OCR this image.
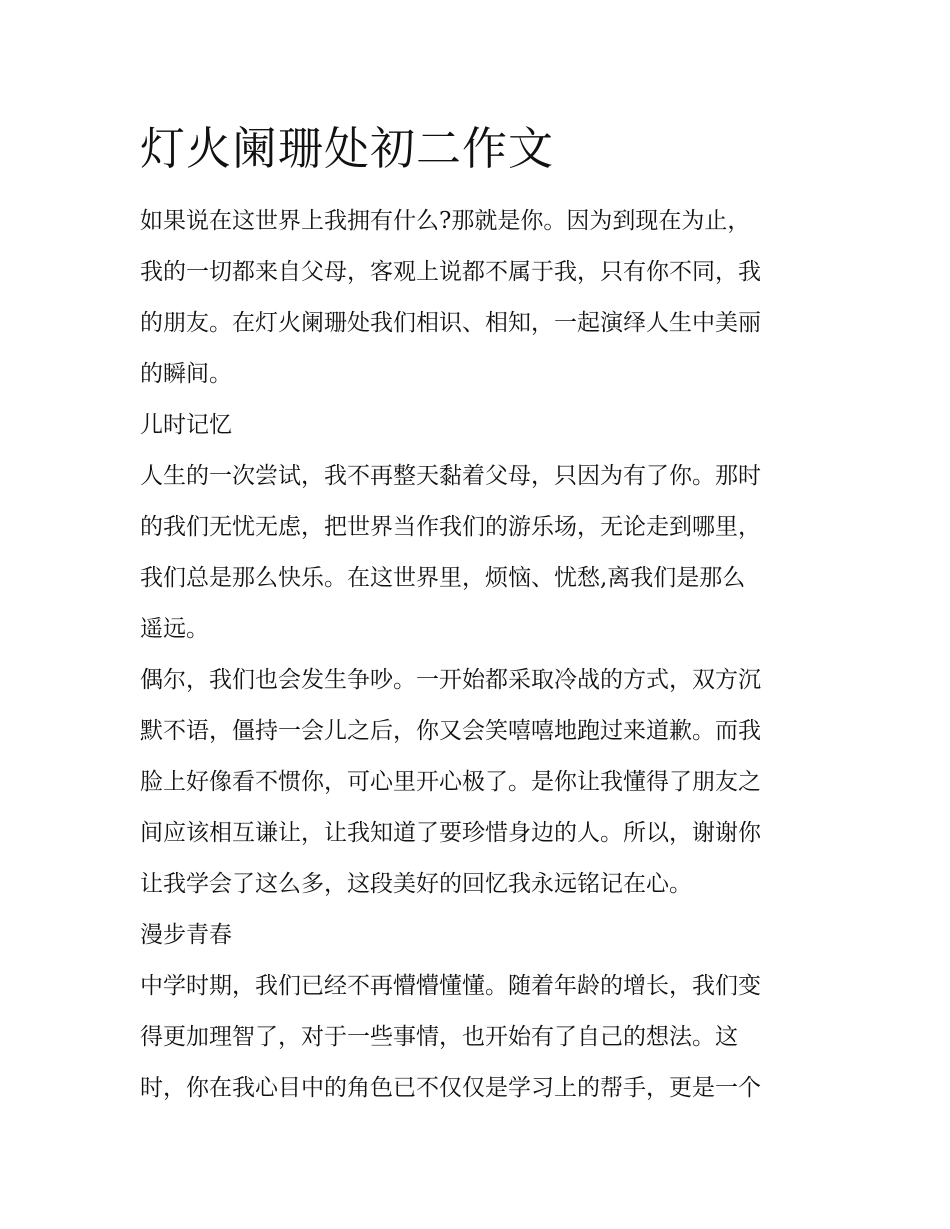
灯火阑珊处初二作文

如果说在这世界上我拥有什么?那就是你。因为到现在为止，

我的一切都来自父母，客观上说都不属于我，只有你不同，我

的朋友。在灯火阑珊处我们相识、相知，一起演绎人生中美丽

的瞬间。

儿时记忆

人生的一次尝试，我不再整天黏着父母，只因为有了你。那时

的我们无忧无虑，把世界当作我们的游乐场，无论走到哪里，

我们总是那么快乐。在这世界里，烦恼、忧愁,离我们是那么

遥远。

偶尔，我们也会发生争吵。一开始都采取冷战的方式，双方沉

默不语，僵持一会儿之后，你又会笑嘻嘻地跑过来道歉。而我

脸上好像看不惯你，可心里开心极了。是你让我懂得了朋友之

间应该相互谦让，让我知道了要珍惜身边的人。所以，谢谢你

让我学会了这么多，这段美好的回忆我永远铭记在心。

漫步青春

中学时期，我们已经不再懵懵懂懂。随着年龄的增长，我们变

得更加理智了，对于一些事情，也开始有了自己的想法。这

时，你在我心目中的角色已不仅仅是学习上的帮手，更是一个
